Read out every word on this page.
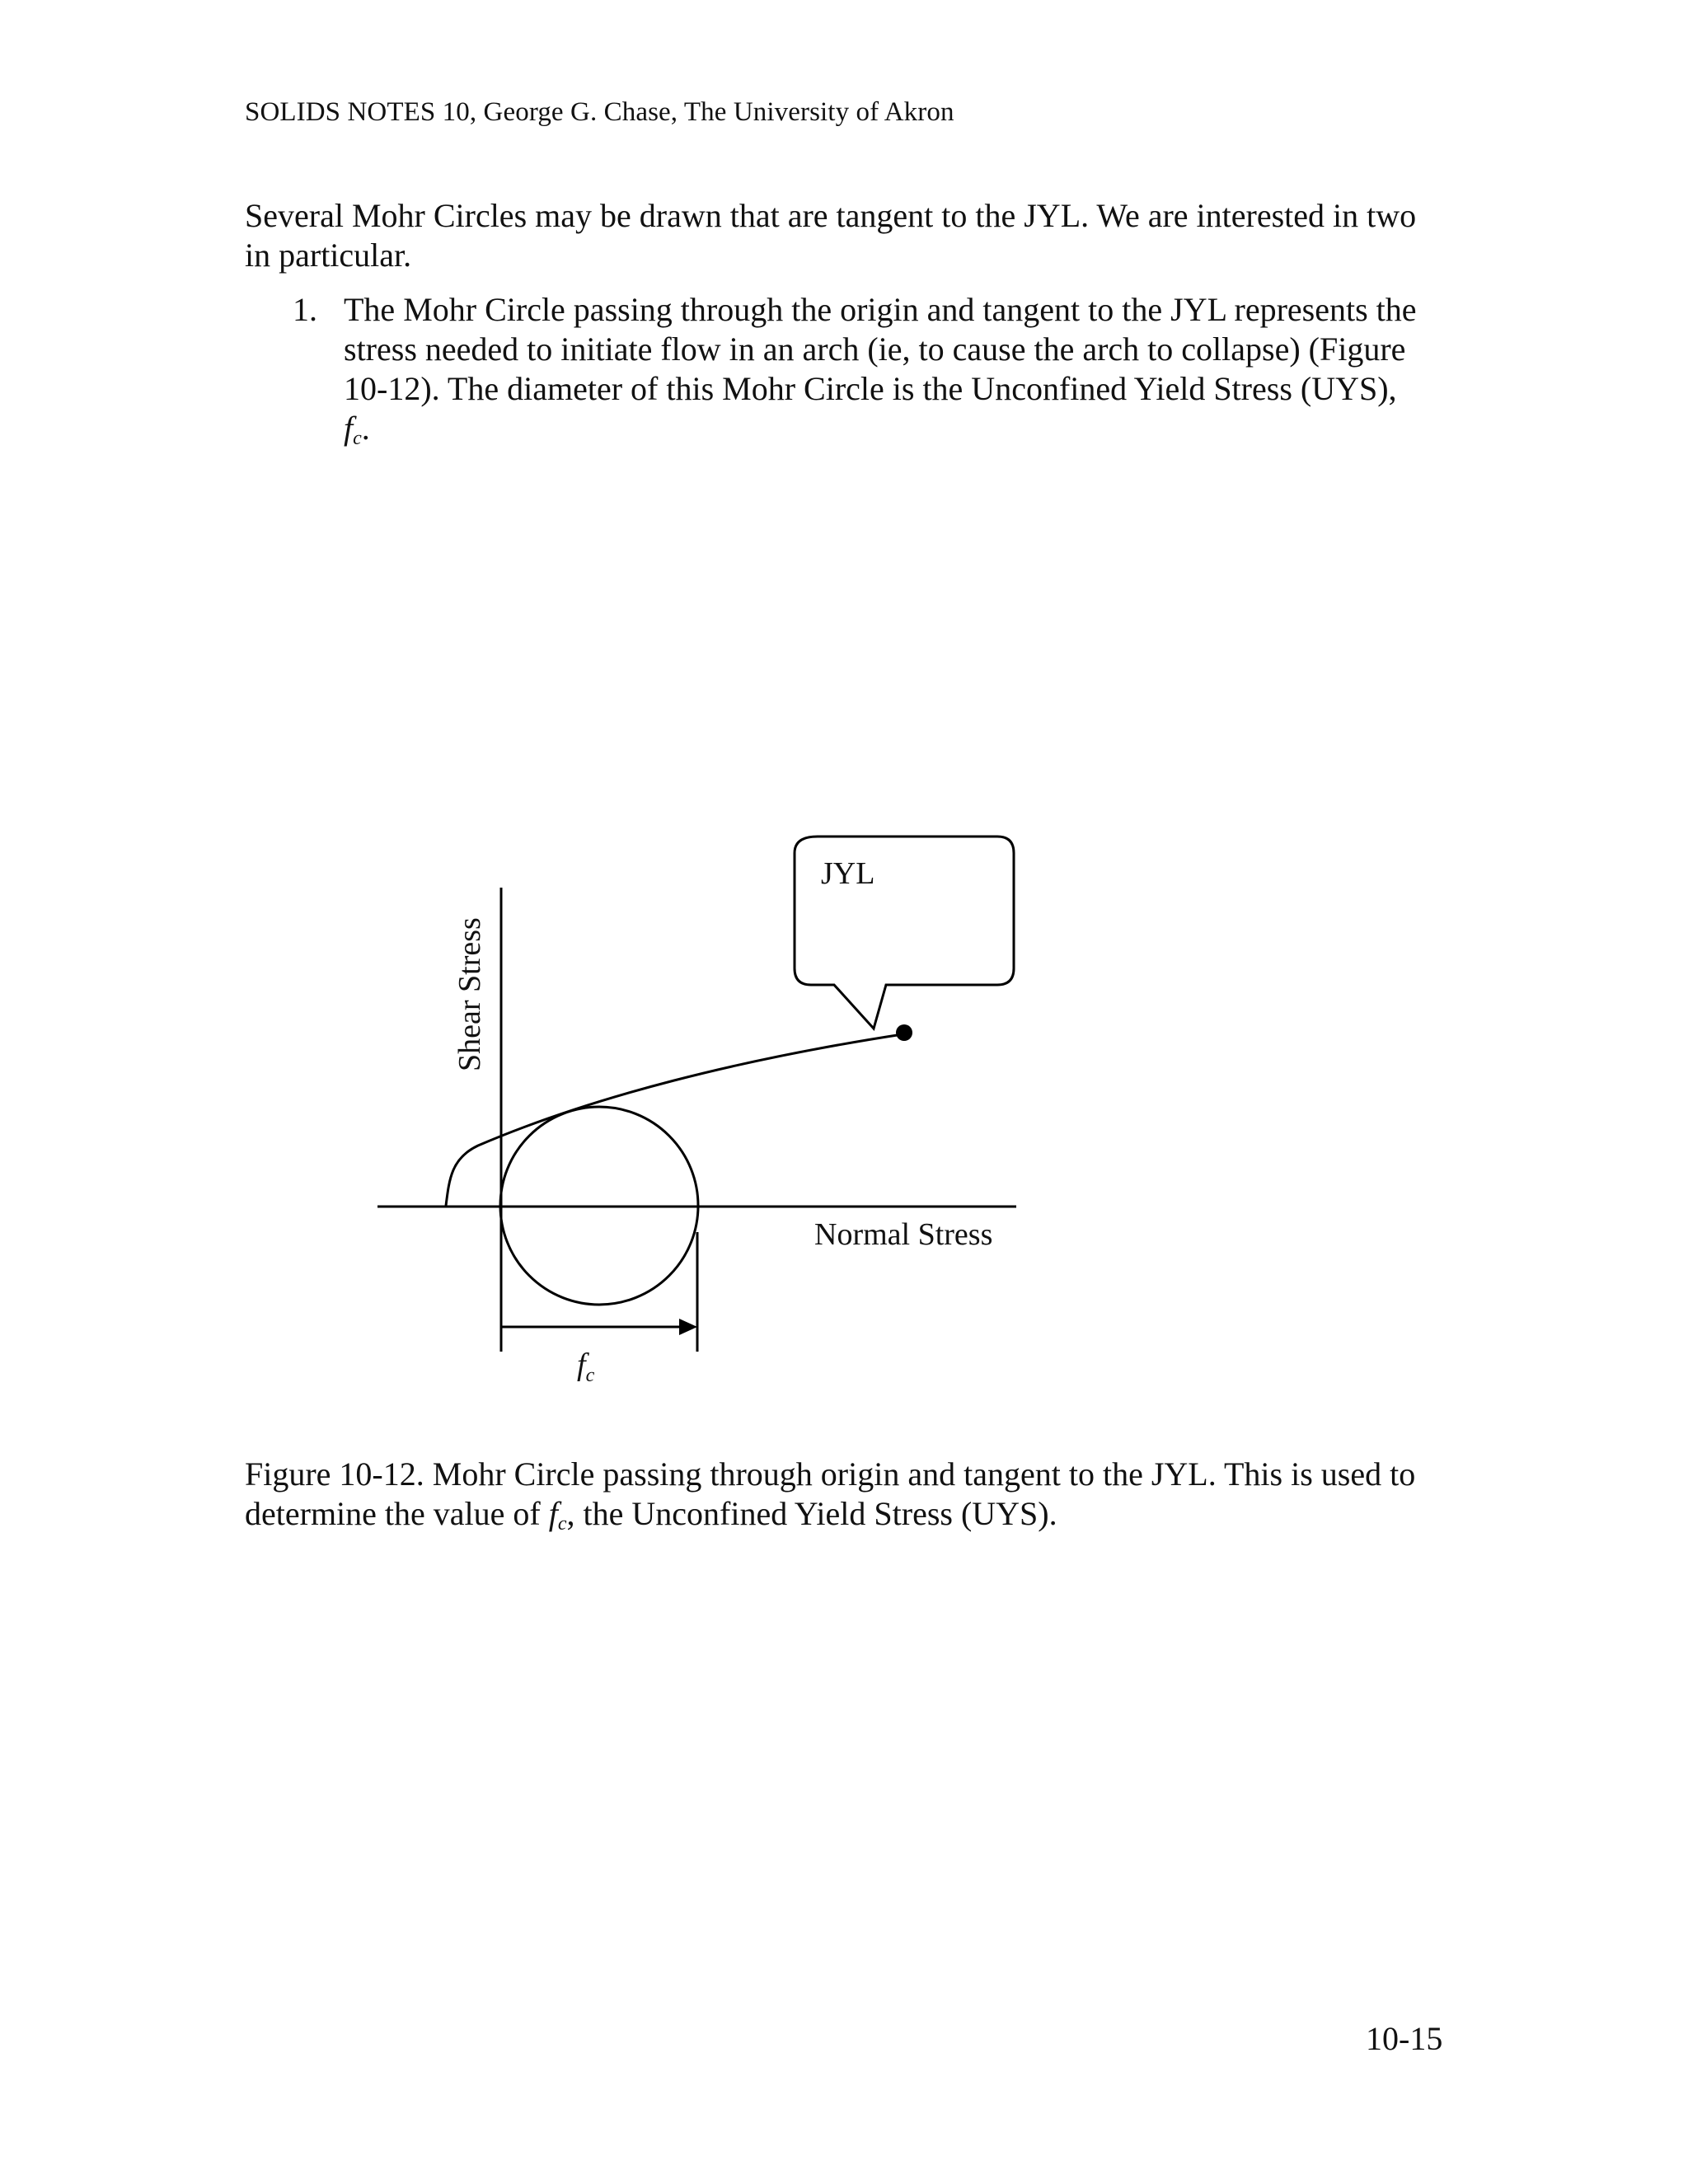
SOLIDS NOTES 10, George G. Chase, The University of Akron
Several Mohr Circles may be drawn that are tangent to the JYL. We are interested in two in particular.
1. The Mohr Circle passing through the origin and tangent to the JYL represents the stress needed to initiate flow in an arch (ie, to cause the arch to collapse) (Figure 10-12). The diameter of this Mohr Circle is the Unconfined Yield Stress (UYS),
$f_c$.
JYL
Shear Stress
Normal Stress
$f_c$
Figure 10-12. Mohr Circle passing through origin and tangent to the JYL. This is used to determine the value of $f_c$, the Unconfined Yield Stress (UYS).
10-15
